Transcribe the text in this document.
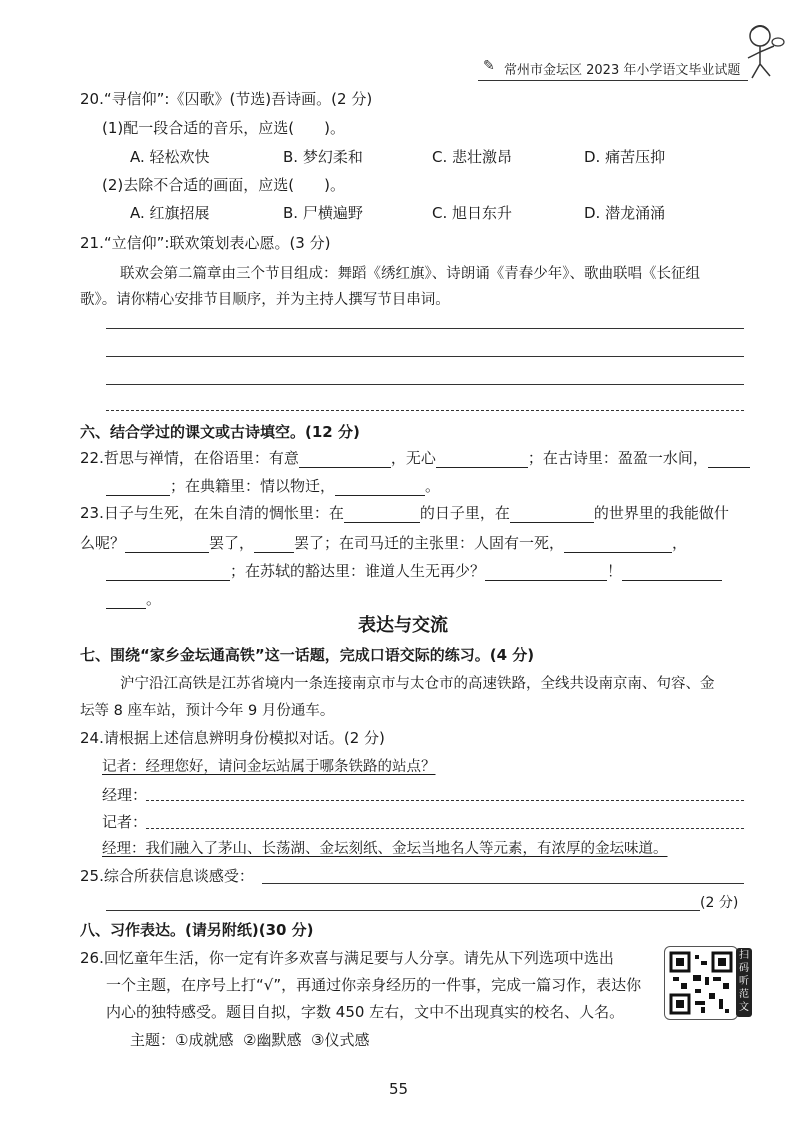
✎ 常州市金坛区 2023 年小学语文毕业试题
20.“寻信仰”:《囚歌》(节选)吾诗画。(2 分)
(1)配一段合适的音乐，应选(　　)。
A. 轻松欢快	B. 梦幻柔和	C. 悲壮激昂	D. 痛苦压抑
(2)去除不合适的画面，应选(　　)。
A. 红旗招展	B. 尸横遍野	C. 旭日东升	D. 潜龙涌涌
21.“立信仰”:联欢策划表心愿。(3 分)
联欢会第二篇章由三个节目组成：舞蹈《绣红旗》、诗朗诵《青春少年》、歌曲联唱《长征组
歌》。请你精心安排节目顺序，并为主持人撰写节目串词。
六、结合学过的课文或古诗填空。(12 分)
22.哲思与禅情，在俗语里：有意	，无心	；在古诗里：盈盈一水间，
；在典籍里：情以物迁，	。
23.日子与生死，在朱自清的惆怅里：在	的日子里，在	的世界里的我能做什
么呢？	罢了，	罢了；在司马迁的主张里：人固有一死，	，
；在苏轼的豁达里：谁道人生无再少？	！
。
表达与交流
七、围绕“家乡金坛通高铁”这一话题，完成口语交际的练习。(4 分)
沪宁沿江高铁是江苏省境内一条连接南京市与太仓市的高速铁路，全线共设南京南、句容、金
坛等 8 座车站，预计今年 9 月份通车。
24.请根据上述信息辨明身份模拟对话。(2 分)
记者：经理您好，请问金坛站属于哪条铁路的站点？
经理：
记者：
经理：我们融入了茅山、长荡湖、金坛刻纸、金坛当地名人等元素，有浓厚的金坛味道。
25.综合所获信息谈感受：
(2 分)
八、习作表达。(请另附纸)(30 分)
26.回忆童年生活，你一定有许多欢喜与满足要与人分享。请先从下列选项中选出
一个主题，在序号上打“√”，再通过你亲身经历的一件事，完成一篇习作，表达你
内心的独特感受。题目自拟，字数 450 左右，文中不出现真实的校名、人名。
主题：①成就感 ②幽默感 ③仪式感
扫码听范文
55
